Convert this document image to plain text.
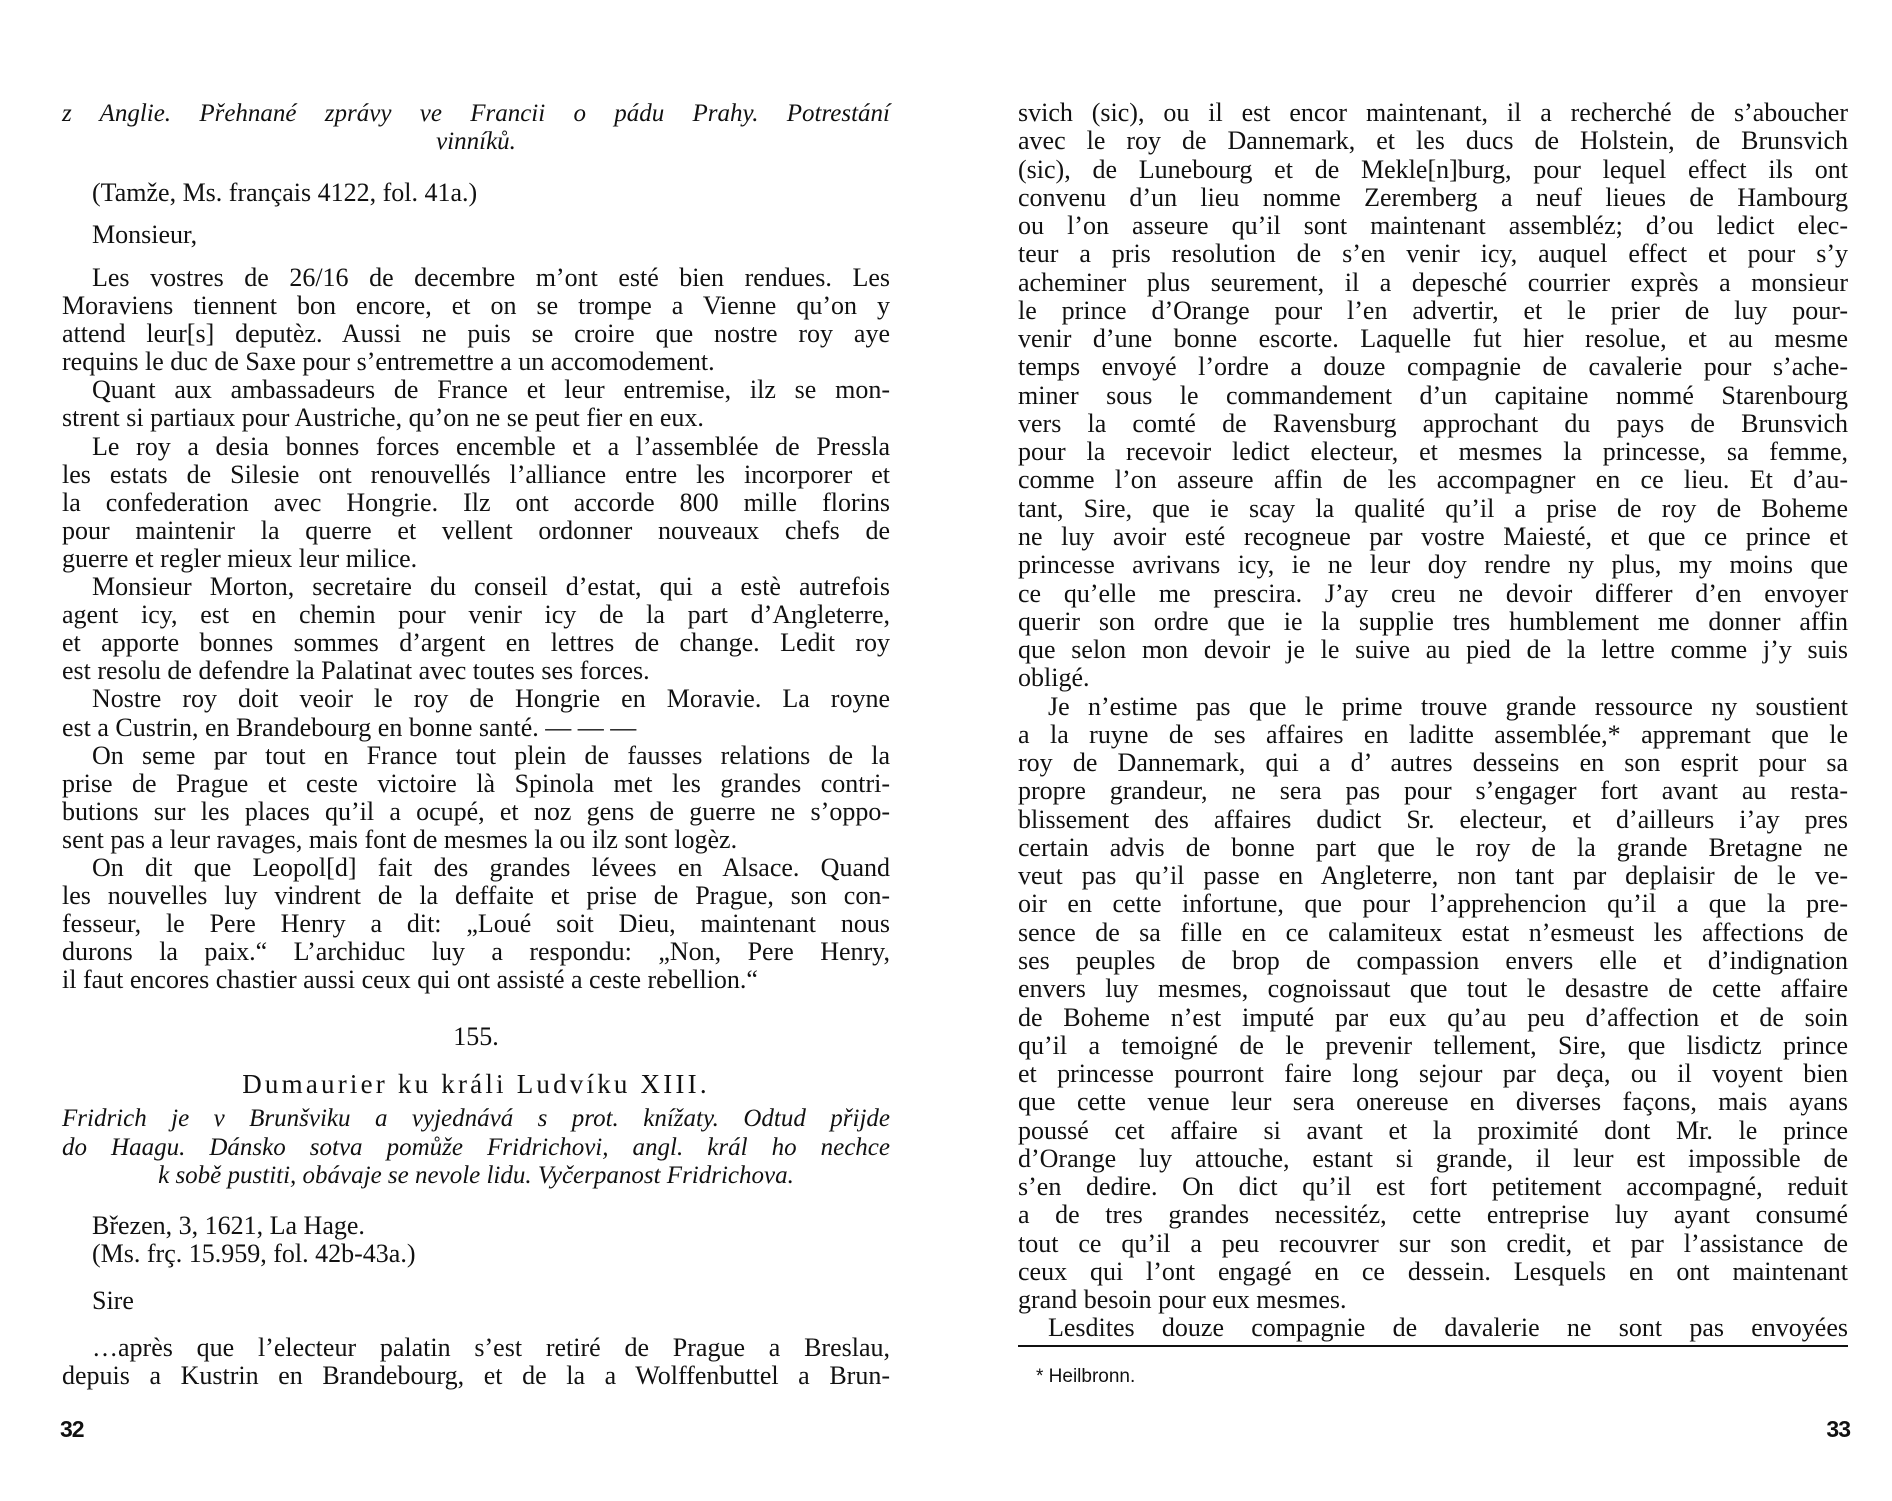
z Anglie. Přehnané zprávy ve Francii o pádu Prahy. Potrestání
vinníků.
(Tamže, Ms. français 4122, fol. 41a.)
Monsieur,
Les vostres de 26/16 de decembre m’ont esté bien rendues. Les
Moraviens tiennent bon encore, et on se trompe a Vienne qu’on y
attend leur[s] deputèz. Aussi ne puis se croire que nostre roy aye
requins le duc de Saxe pour s’entremettre a un accomodement.
Quant aux ambassadeurs de France et leur entremise, ilz se mon-
strent si partiaux pour Austriche, qu’on ne se peut fier en eux.
Le roy a desia bonnes forces encemble et a l’assemblée de Pressla
les estats de Silesie ont renouvellés l’alliance entre les incorporer et
la confederation avec Hongrie. Ilz ont accorde 800 mille florins
pour maintenir la querre et vellent ordonner nouveaux chefs de
guerre et regler mieux leur milice.
Monsieur Morton, secretaire du conseil d’estat, qui a estè autrefois
agent icy, est en chemin pour venir icy de la part d’Angleterre,
et apporte bonnes sommes d’argent en lettres de change. Ledit roy
est resolu de defendre la Palatinat avec toutes ses forces.
Nostre roy doit veoir le roy de Hongrie en Moravie. La royne
est a Custrin, en Brandebourg en bonne santé. — — —
On seme par tout en France tout plein de fausses relations de la
prise de Prague et ceste victoire là Spinola met les grandes contri-
butions sur les places qu’il a ocupé, et noz gens de guerre ne s’oppo-
sent pas a leur ravages, mais font de mesmes la ou ilz sont logèz.
On dit que Leopol[d] fait des grandes lévees en Alsace. Quand
les nouvelles luy vindrent de la deffaite et prise de Prague, son con-
fesseur, le Pere Henry a dit: „Loué soit Dieu, maintenant nous
durons la paix.“ L’archiduc luy a respondu: „Non, Pere Henry,
il faut encores chastier aussi ceux qui ont assisté a ceste rebellion.“
155.
Dumaurier ku králi Ludvíku XIII.
Fridrich je v Brunšviku a vyjednává s prot. knížaty. Odtud přijde
do Haagu. Dánsko sotva pomůže Fridrichovi, angl. král ho nechce
k sobě pustiti, obávaje se nevole lidu. Vyčerpanost Fridrichova.
Březen, 3, 1621, La Hage.
(Ms. frç. 15.959, fol. 42b-43a.)
Sire
…après que l’electeur palatin s’est retiré de Prague a Breslau,
depuis a Kustrin en Brandebourg, et de la a Wolffenbuttel a Brun-
32
svich (sic), ou il est encor maintenant, il a recherché de s’aboucher
avec le roy de Dannemark, et les ducs de Holstein, de Brunsvich
(sic), de Lunebourg et de Mekle[n]burg, pour lequel effect ils ont
convenu d’un lieu nomme Zeremberg a neuf lieues de Hambourg
ou l’on asseure qu’il sont maintenant assembléz; d’ou ledict elec-
teur a pris resolution de s’en venir icy, auquel effect et pour s’y
acheminer plus seurement, il a depesché courrier exprès a monsieur
le prince d’Orange pour l’en advertir, et le prier de luy pour-
venir d’une bonne escorte. Laquelle fut hier resolue, et au mesme
temps envoyé l’ordre a douze compagnie de cavalerie pour s’ache-
miner sous le commandement d’un capitaine nommé Starenbourg
vers la comté de Ravensburg approchant du pays de Brunsvich
pour la recevoir ledict electeur, et mesmes la princesse, sa femme,
comme l’on asseure affin de les accompagner en ce lieu. Et d’au-
tant, Sire, que ie scay la qualité qu’il a prise de roy de Boheme
ne luy avoir esté recogneue par vostre Maiesté, et que ce prince et
princesse avrivans icy, ie ne leur doy rendre ny plus, my moins que
ce qu’elle me prescira. J’ay creu ne devoir differer d’en envoyer
querir son ordre que ie la supplie tres humblement me donner affin
que selon mon devoir je le suive au pied de la lettre comme j’y suis
obligé.
Je n’estime pas que le prime trouve grande ressource ny soustient
a la ruyne de ses affaires en laditte assemblée,* appremant que le
roy de Dannemark, qui a d’ autres desseins en son esprit pour sa
propre grandeur, ne sera pas pour s’engager fort avant au resta-
blissement des affaires dudict Sr. electeur, et d’ailleurs i’ay pres
certain advis de bonne part que le roy de la grande Bretagne ne
veut pas qu’il passe en Angleterre, non tant par deplaisir de le ve-
oir en cette infortune, que pour l’apprehencion qu’il a que la pre-
sence de sa fille en ce calamiteux estat n’esmeust les affections de
ses peuples de brop de compassion envers elle et d’indignation
envers luy mesmes, cognoissaut que tout le desastre de cette affaire
de Boheme n’est imputé par eux qu’au peu d’affection et de soin
qu’il a temoigné de le prevenir tellement, Sire, que lisdictz prince
et princesse pourront faire long sejour par deça, ou il voyent bien
que cette venue leur sera onereuse en diverses façons, mais ayans
poussé cet affaire si avant et la proximité dont Mr. le prince
d’Orange luy attouche, estant si grande, il leur est impossible de
s’en dedire. On dict qu’il est fort petitement accompagné, reduit
a de tres grandes necessitéz, cette entreprise luy ayant consumé
tout ce qu’il a peu recouvrer sur son credit, et par l’assistance de
ceux qui l’ont engagé en ce dessein. Lesquels en ont maintenant
grand besoin pour eux mesmes.
Lesdites douze compagnie de davalerie ne sont pas envoyées
* Heilbronn.
33
